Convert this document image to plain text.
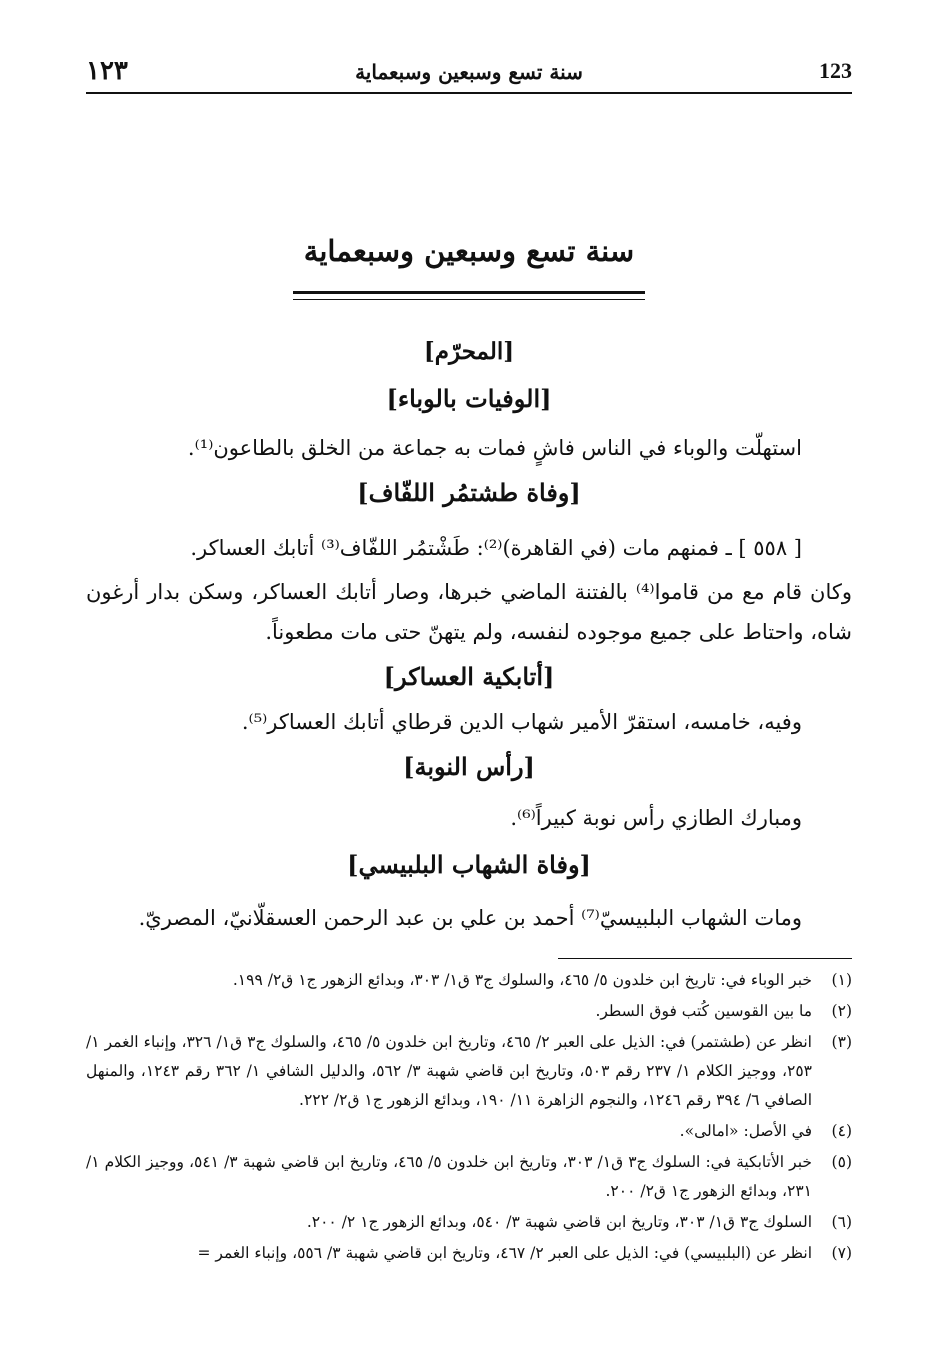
١٢٣	سنة تسع وسبعين وسبعماية	123
سنة تسع وسبعين وسبعماية
[المحرّم]
[الوفيات بالوباء]
استهلّت والوباء في الناس فاشٍ فمات به جماعة من الخلق بالطاعون⁽¹⁾.
[وفاة طشتمُر اللفّاف]
[ ٥٥٨ ] ـ فمنهم مات (في القاهرة)⁽²⁾: طَشْتمُر اللفّاف⁽³⁾ أتابك العساكر.
وكان قام مع من قاموا⁽⁴⁾ بالفتنة الماضي خبرها، وصار أتابك العساكر، وسكن بدار أرغون شاه، واحتاط على جميع موجوده لنفسه، ولم يتهنّ حتى مات مطعوناً.
[أتابكية العساكر]
وفيه، خامسه، استقرّ الأمير شهاب الدين قرطاي أتابك العساكر⁽⁵⁾.
[رأس النوبة]
ومبارك الطازي رأس نوبة كبيراً⁽⁶⁾.
[وفاة الشهاب البلبيسي]
ومات الشهاب البلبيسيّ⁽⁷⁾ أحمد بن علي بن عبد الرحمن العسقلّانيّ، المصريّ.
(١)
خبر الوباء في: تاريخ ابن خلدون ٥/ ٤٦٥، والسلوك ج٣ ق١/ ٣٠٣، وبدائع الزهور ج١ ق٢/ ١٩٩.
(٢)
ما بين القوسين كُتب فوق السطر.
(٣)
انظر عن (طشتمر) في: الذيل على العبر ٢/ ٤٦٥، وتاريخ ابن خلدون ٥/ ٤٦٥، والسلوك ج٣ ق١/ ٣٢٦، وإنباء الغمر ١/ ٢٥٣، ووجيز الكلام ١/ ٢٣٧ رقم ٥٠٣، وتاريخ ابن قاضي شهبة ٣/ ٥٦٢، والدليل الشافي ١/ ٣٦٢ رقم ١٢٤٣، والمنهل الصافي ٦/ ٣٩٤ رقم ١٢٤٦، والنجوم الزاهرة ١١/ ١٩٠، وبدائع الزهور ج١ ق٢/ ٢٢٢.
(٤)
في الأصل: «امالى».
(٥)
خبر الأتابكية في: السلوك ج٣ ق١/ ٣٠٣، وتاريخ ابن خلدون ٥/ ٤٦٥، وتاريخ ابن قاضي شهبة ٣/ ٥٤١، ووجيز الكلام ١/ ٢٣١، وبدائع الزهور ج١ ق٢/ ٢٠٠.
(٦)
السلوك ج٣ ق١/ ٣٠٣، وتاريخ ابن قاضي شهبة ٣/ ٥٤٠، وبدائع الزهور ج١ ٢/ ٢٠٠.
(٧)
انظر عن (البلبيسي) في: الذيل على العبر ٢/ ٤٦٧، وتاريخ ابن قاضي شهبة ٣/ ٥٥٦، وإنباء الغمر =
